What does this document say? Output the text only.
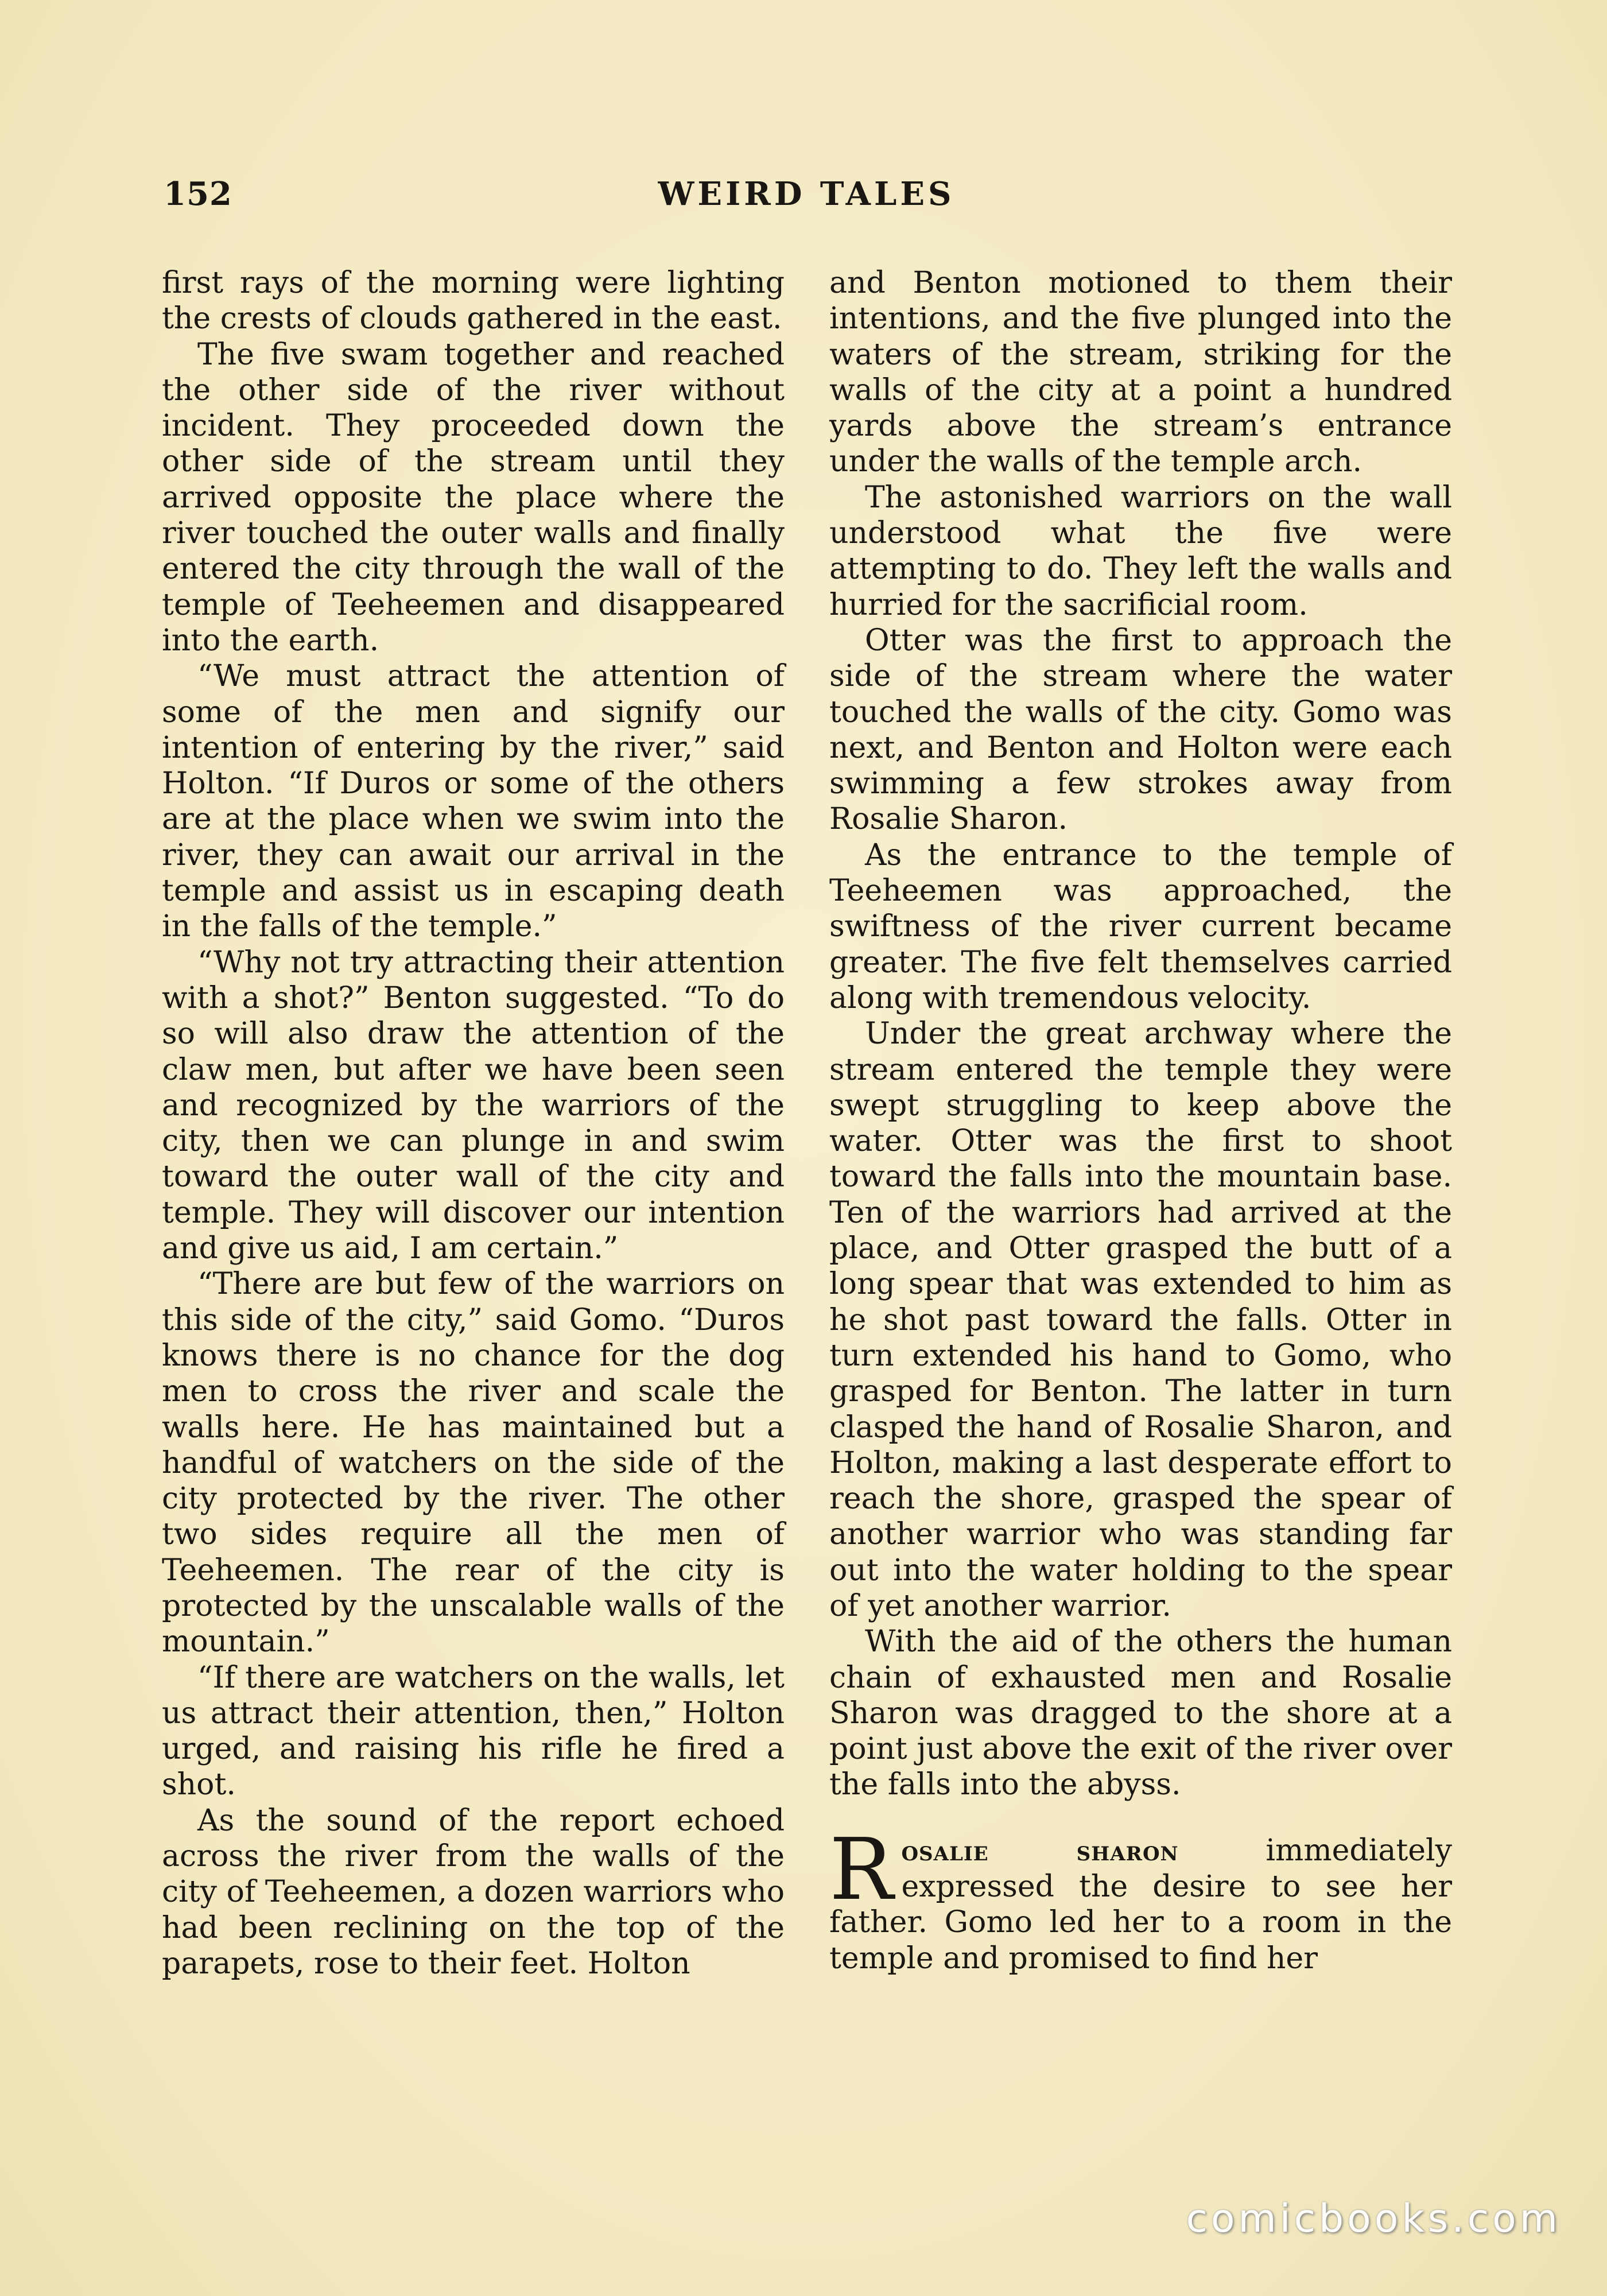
152	WEIRD TALES

first rays of the morning were lighting the crests of clouds gathered in the east.

The five swam together and reached the other side of the river without incident. They proceeded down the other side of the stream until they arrived opposite the place where the river touched the outer walls and finally entered the city through the wall of the temple of Teeheemen and disappeared into the earth.

“We must attract the attention of some of the men and signify our intention of entering by the river,” said Holton. “If Duros or some of the others are at the place when we swim into the river, they can await our arrival in the temple and assist us in escaping death in the falls of the temple.”

“Why not try attracting their attention with a shot?” Benton suggested. “To do so will also draw the attention of the claw men, but after we have been seen and recognized by the warriors of the city, then we can plunge in and swim toward the outer wall of the city and temple. They will discover our intention and give us aid, I am certain.”

“There are but few of the warriors on this side of the city,” said Gomo. “Duros knows there is no chance for the dog men to cross the river and scale the walls here. He has maintained but a handful of watchers on the side of the city protected by the river. The other two sides require all the men of Teeheemen. The rear of the city is protected by the unscalable walls of the mountain.”

“If there are watchers on the walls, let us attract their attention, then,” Holton urged, and raising his rifle he fired a shot.

As the sound of the report echoed across the river from the walls of the city of Teeheemen, a dozen warriors who had been reclining on the top of the parapets, rose to their feet. Holton

and Benton motioned to them their intentions, and the five plunged into the waters of the stream, striking for the walls of the city at a point a hundred yards above the stream’s entrance under the walls of the temple arch.

The astonished warriors on the wall understood what the five were attempting to do. They left the walls and hurried for the sacrificial room.

Otter was the first to approach the side of the stream where the water touched the walls of the city. Gomo was next, and Benton and Holton were each swimming a few strokes away from Rosalie Sharon.

As the entrance to the temple of Teeheemen was approached, the swiftness of the river current became greater. The five felt themselves carried along with tremendous velocity.

Under the great archway where the stream entered the temple they were swept struggling to keep above the water. Otter was the first to shoot toward the falls into the mountain base. Ten of the warriors had arrived at the place, and Otter grasped the butt of a long spear that was extended to him as he shot past toward the falls. Otter in turn extended his hand to Gomo, who grasped for Benton. The latter in turn clasped the hand of Rosalie Sharon, and Holton, making a last desperate effort to reach the shore, grasped the spear of another warrior who was standing far out into the water holding to the spear of yet another warrior.

With the aid of the others the human chain of exhausted men and Rosalie Sharon was dragged to the shore at a point just above the exit of the river over the falls into the abyss.

Rosalie sharon immediately expressed the desire to see her father. Gomo led her to a room in the temple and promised to find her

comicbooks.com
